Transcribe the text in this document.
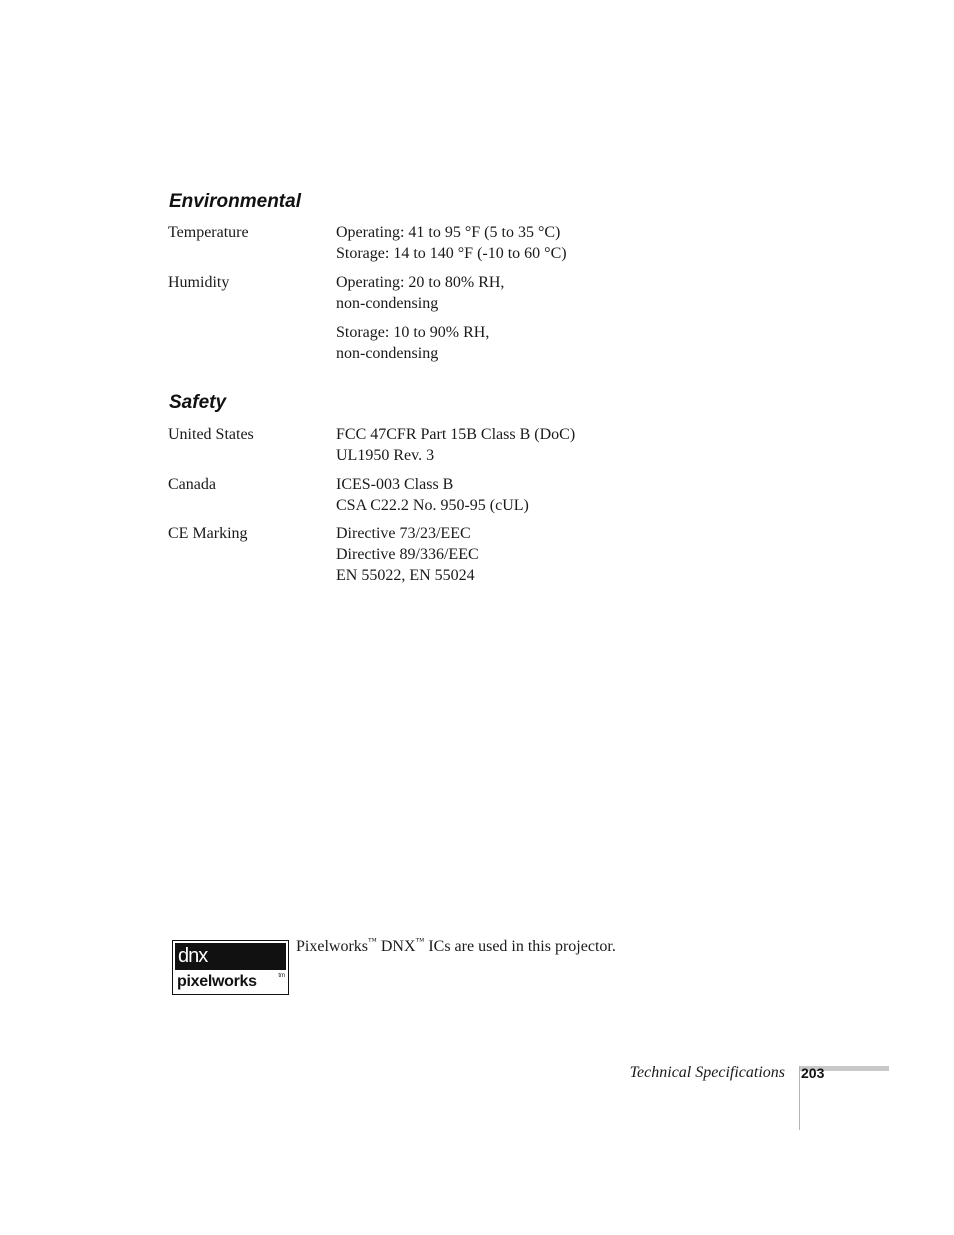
Environmental
Temperature	Operating: 41 to 95 °F (5 to 35 °C)
Storage: 14 to 140 °F (-10 to 60 °C)
Humidity	Operating: 20 to 80% RH,
non-condensing
Storage: 10 to 90% RH,
non-condensing
Safety
United States	FCC 47CFR Part 15B Class B (DoC)
UL1950 Rev. 3
Canada	ICES-003 Class B
CSA C22.2 No. 950-95 (cUL)
CE Marking	Directive 73/23/EEC
Directive 89/336/EEC
EN 55022, EN 55024
dnx
pixelworks	tm
Pixelworks™ DNX™ ICs are used in this projector.
Technical Specifications 203
